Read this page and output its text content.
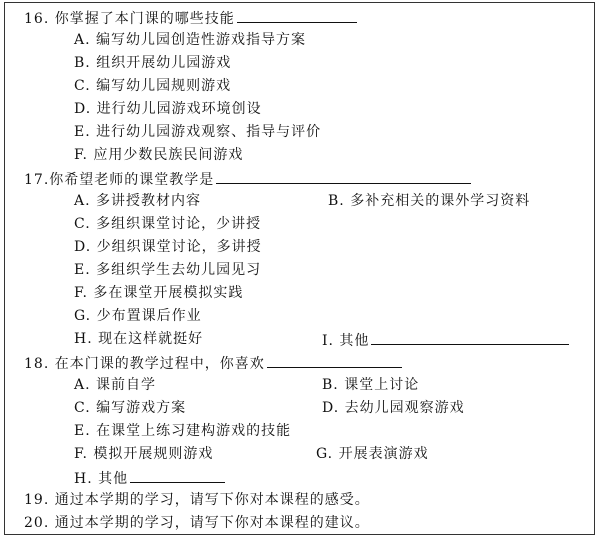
16. 你掌握了本门课的哪些技能
A. 编写幼儿园创造性游戏指导方案
B. 组织开展幼儿园游戏
C. 编写幼儿园规则游戏
D. 进行幼儿园游戏环境创设
E. 进行幼儿园游戏观察、指导与评价
F. 应用少数民族民间游戏
17.你希望老师的课堂教学是
A. 多讲授教材内容	B. 多补充相关的课外学习资料
C. 多组织课堂讨论，少讲授
D. 少组织课堂讨论，多讲授
E. 多组织学生去幼儿园见习
F. 多在课堂开展模拟实践
G. 少布置课后作业
H. 现在这样就挺好	I. 其他
18. 在本门课的教学过程中，你喜欢
A. 课前自学	B. 课堂上讨论
C. 编写游戏方案	D. 去幼儿园观察游戏
E. 在课堂上练习建构游戏的技能
F. 模拟开展规则游戏	G. 开展表演游戏
H. 其他
19. 通过本学期的学习，请写下你对本课程的感受。
20. 通过本学期的学习，请写下你对本课程的建议。
